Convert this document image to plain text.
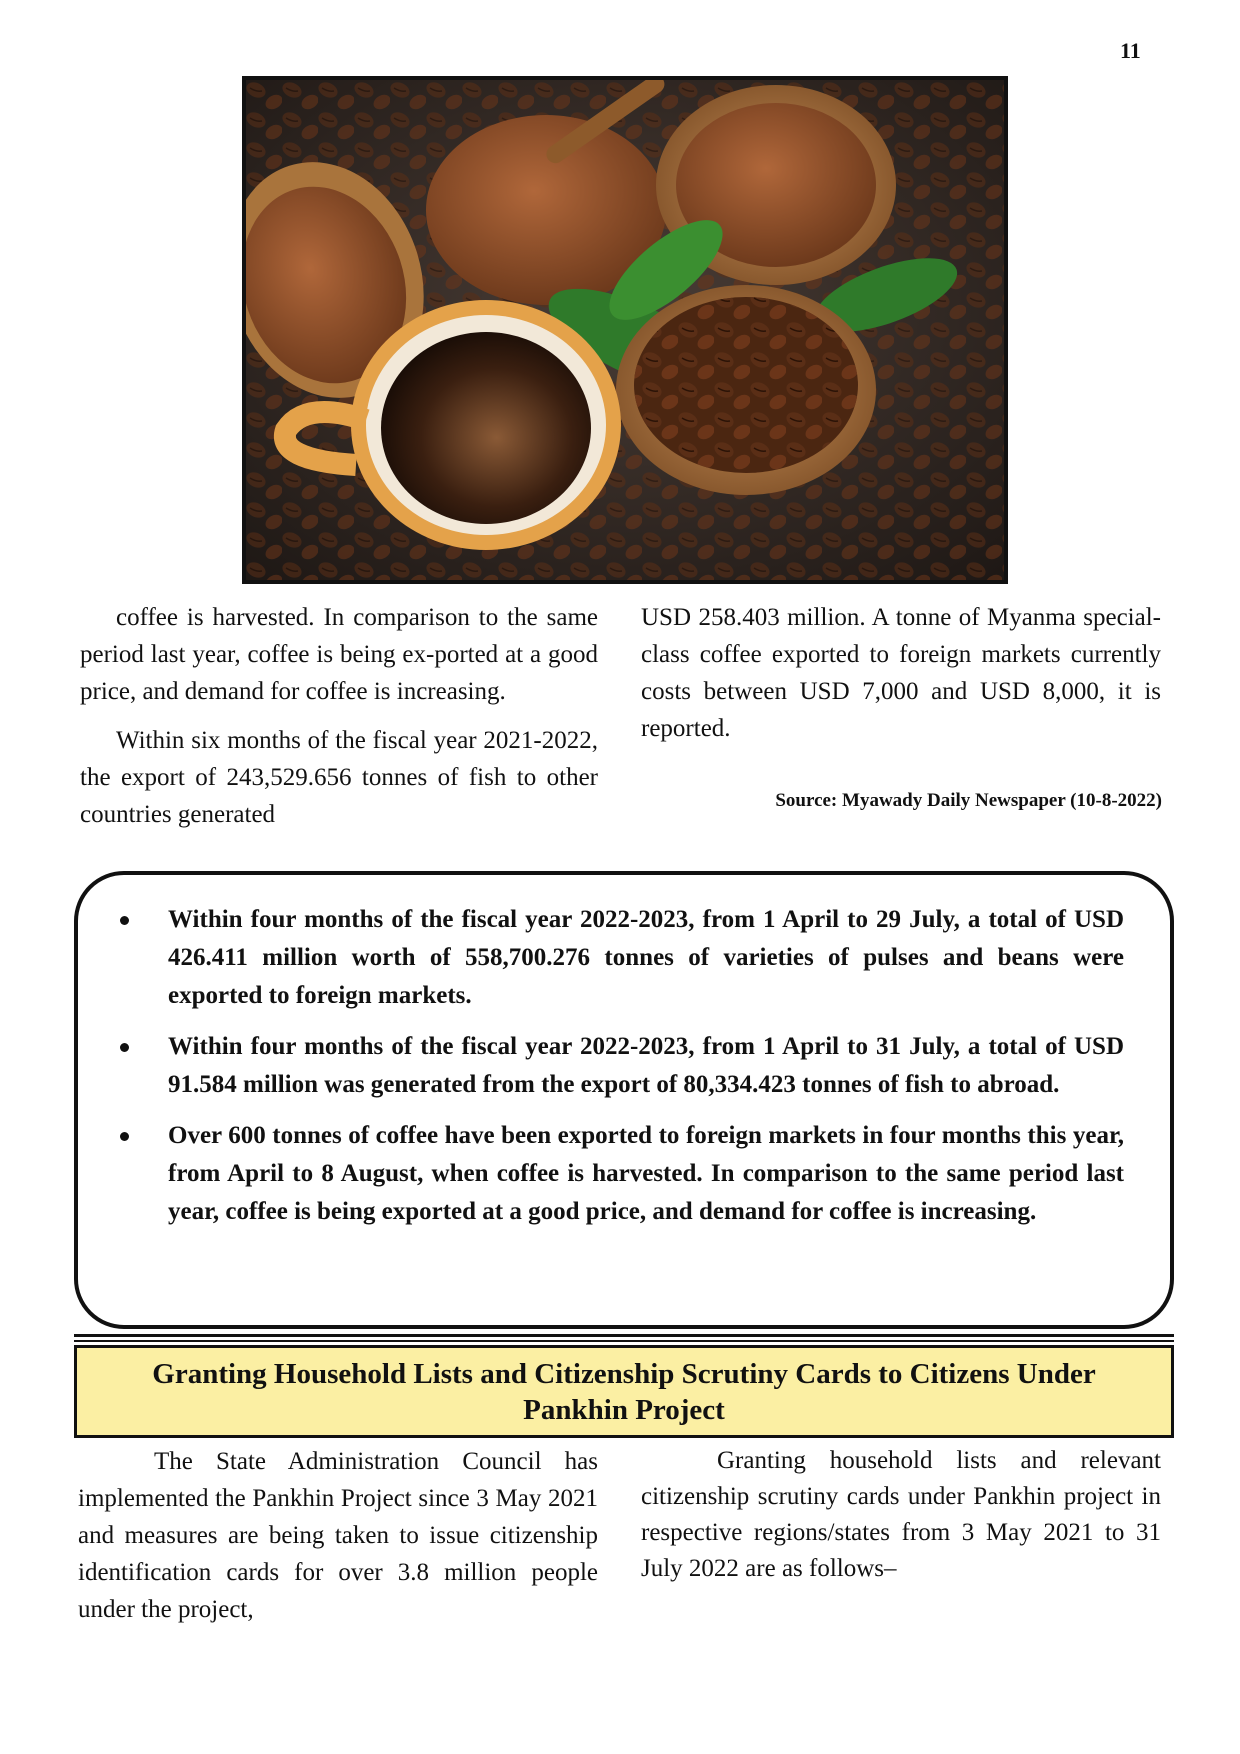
11

coffee is harvested. In comparison to the same period last year, coffee is being ex-ported at a good price, and demand for coffee is increasing.

Within six months of the fiscal year 2021-2022, the export of 243,529.656 tonnes of fish to other countries generated

USD 258.403 million. A tonne of Myanma special-class coffee exported to foreign markets currently costs between USD 7,000 and USD 8,000, it is reported.

Source: Myawady Daily Newspaper (10-8-2022)
Within four months of the fiscal year 2022-2023, from 1 April to 29 July, a total of USD 426.411 million worth of 558,700.276 tonnes of varieties of pulses and beans were exported to foreign markets.
Within four months of the fiscal year 2022-2023, from 1 April to 31 July, a total of USD 91.584 million was generated from the export of 80,334.423 tonnes of fish to abroad.
Over 600 tonnes of coffee have been exported to foreign markets in four months this year, from April to 8 August, when coffee is harvested. In comparison to the same period last year, coffee is being exported at a good price, and demand for coffee is increasing.
Granting Household Lists and Citizenship Scrutiny Cards to Citizens Under Pankhin Project

The State Administration Council has implemented the Pankhin Project since 3 May 2021 and measures are being taken to issue citizenship identification cards for over 3.8 million people under the project,

Granting household lists and relevant citizenship scrutiny cards under Pankhin project in respective regions/states from 3 May 2021 to 31 July 2022 are as follows–
